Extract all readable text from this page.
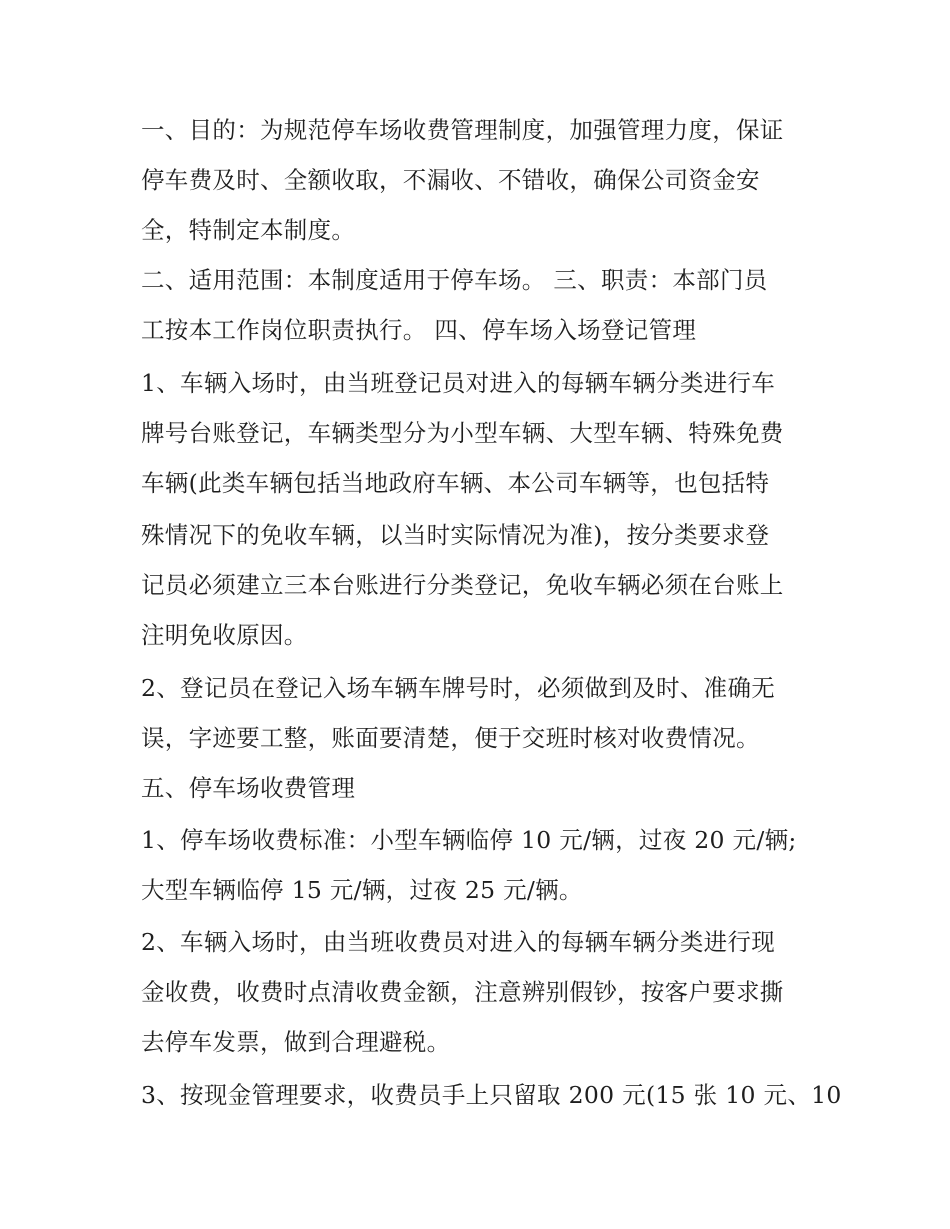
一、目的：为规范停车场收费管理制度，加强管理力度，保证
停车费及时、全额收取，不漏收、不错收，确保公司资金安
全，特制定本制度。
二、适用范围：本制度适用于停车场。 三、职责：本部门员
工按本工作岗位职责执行。 四、停车场入场登记管理
1、车辆入场时，由当班登记员对进入的每辆车辆分类进行车
牌号台账登记，车辆类型分为小型车辆、大型车辆、特殊免费
车辆(此类车辆包括当地政府车辆、本公司车辆等，也包括特
殊情况下的免收车辆，以当时实际情况为准)，按分类要求登
记员必须建立三本台账进行分类登记，免收车辆必须在台账上
注明免收原因。
2、登记员在登记入场车辆车牌号时，必须做到及时、准确无
误，字迹要工整，账面要清楚，便于交班时核对收费情况。
五、停车场收费管理
1、停车场收费标准：小型车辆临停 10 元/辆，过夜 20 元/辆;
大型车辆临停 15 元/辆，过夜 25 元/辆。
2、车辆入场时，由当班收费员对进入的每辆车辆分类进行现
金收费，收费时点清收费金额，注意辨别假钞，按客户要求撕
去停车发票，做到合理避税。
3、按现金管理要求，收费员手上只留取 200 元(15 张 10 元、10
